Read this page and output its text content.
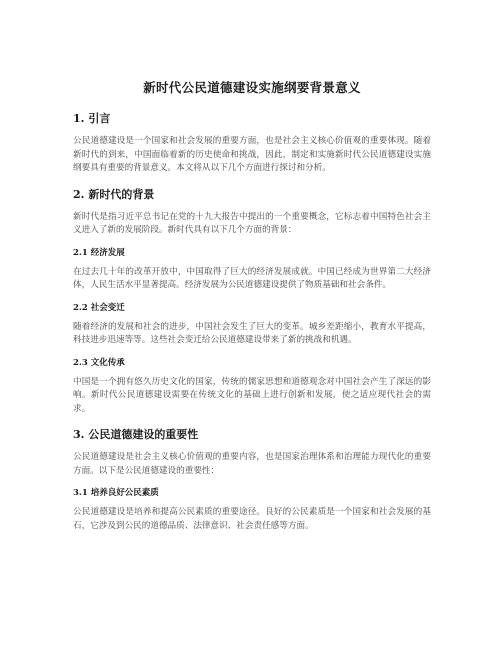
新时代公民道德建设实施纲要背景意义
1. 引言
公民道德建设是一个国家和社会发展的重要方面，也是社会主义核心价值观的重要体现。随着新时代的到来，中国面临着新的历史使命和挑战，因此，制定和实施新时代公民道德建设实施纲要具有重要的背景意义。本文将从以下几个方面进行探讨和分析。
2. 新时代的背景
新时代是指习近平总书记在党的十九大报告中提出的一个重要概念，它标志着中国特色社会主义进入了新的发展阶段。新时代具有以下几个方面的背景：
2.1 经济发展
在过去几十年的改革开放中，中国取得了巨大的经济发展成就。中国已经成为世界第二大经济体，人民生活水平显著提高。经济发展为公民道德建设提供了物质基础和社会条件。
2.2 社会变迁
随着经济的发展和社会的进步，中国社会发生了巨大的变革。城乡差距缩小，教育水平提高，科技进步迅速等等。这些社会变迁给公民道德建设带来了新的挑战和机遇。
2.3 文化传承
中国是一个拥有悠久历史文化的国家，传统的儒家思想和道德观念对中国社会产生了深远的影响。新时代公民道德建设需要在传统文化的基础上进行创新和发展，使之适应现代社会的需求。
3. 公民道德建设的重要性
公民道德建设是社会主义核心价值观的重要内容，也是国家治理体系和治理能力现代化的重要方面。以下是公民道德建设的重要性：
3.1 培养良好公民素质
公民道德建设是培养和提高公民素质的重要途径。良好的公民素质是一个国家和社会发展的基石，它涉及到公民的道德品质、法律意识、社会责任感等方面。
